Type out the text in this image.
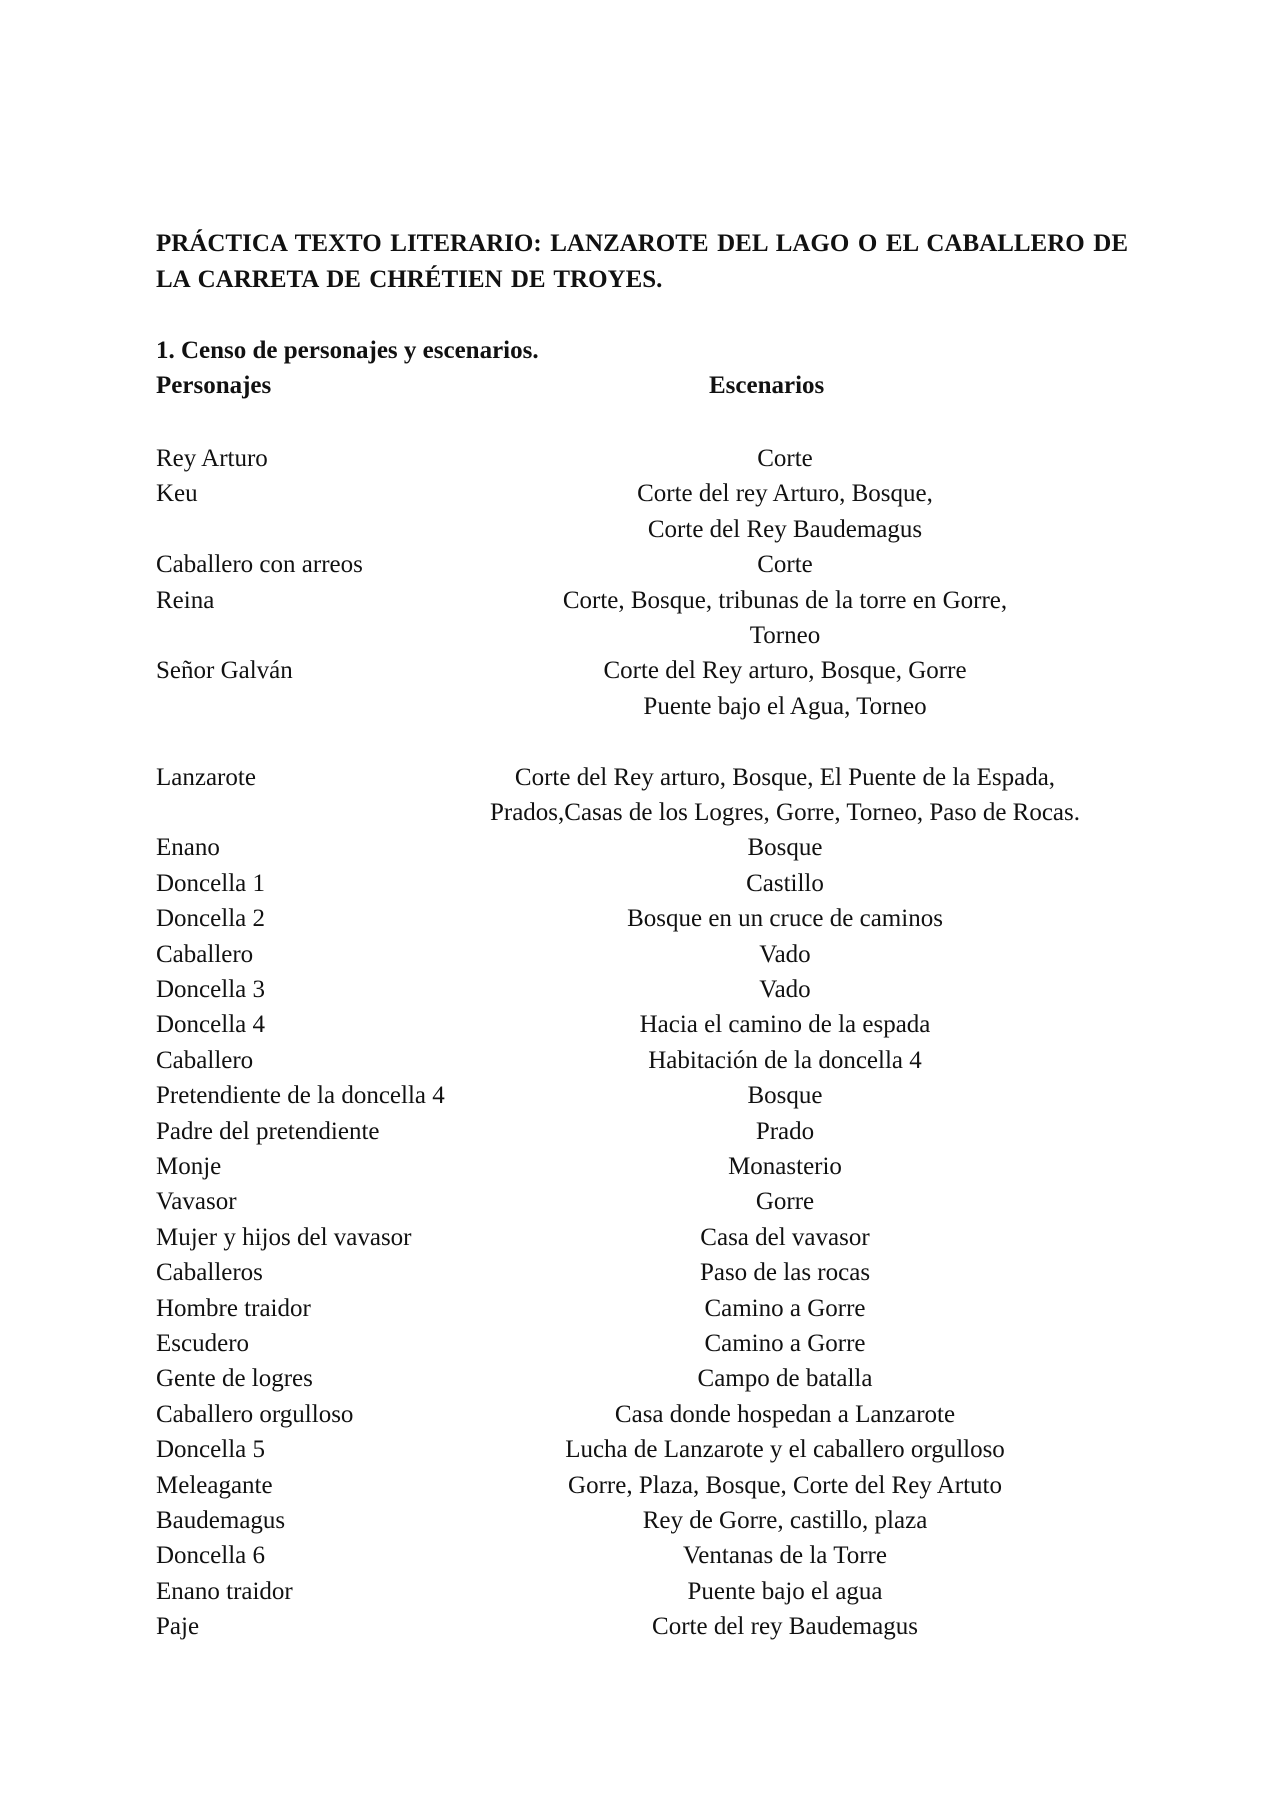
PRÁCTICA TEXTO LITERARIO: LANZAROTE DEL LAGO O EL CABALLERO DE LA CARRETA DE CHRÉTIEN DE TROYES.
1. Censo de personajes y escenarios.
Personajes	Escenarios
Rey Arturo	Corte
Keu	Corte del rey Arturo, Bosque,
Corte del Rey Baudemagus
Caballero con arreos	Corte
Reina	Corte, Bosque, tribunas de la torre en Gorre,
Torneo
Señor Galván	Corte del Rey arturo, Bosque, Gorre
Puente bajo el Agua, Torneo
Lanzarote	Corte del Rey arturo, Bosque, El Puente de la Espada,
Prados,Casas de los Logres, Gorre, Torneo, Paso de Rocas.
Enano	Bosque
Doncella 1	Castillo
Doncella 2	Bosque en un cruce de caminos
Caballero	Vado
Doncella 3	Vado
Doncella 4	Hacia el camino de la espada
Caballero	Habitación de la doncella 4
Pretendiente de la doncella 4	Bosque
Padre del pretendiente	Prado
Monje	Monasterio
Vavasor	Gorre
Mujer y hijos del vavasor	Casa del vavasor
Caballeros	Paso de las rocas
Hombre traidor	Camino a Gorre
Escudero	Camino a Gorre
Gente de logres	Campo de batalla
Caballero orgulloso	Casa donde hospedan a Lanzarote
Doncella 5	Lucha de Lanzarote y el caballero orgulloso
Meleagante	Gorre, Plaza, Bosque, Corte del Rey Artuto
Baudemagus	Rey de Gorre, castillo, plaza
Doncella 6	Ventanas de la Torre
Enano traidor	Puente bajo el agua
Paje	Corte del rey Baudemagus
